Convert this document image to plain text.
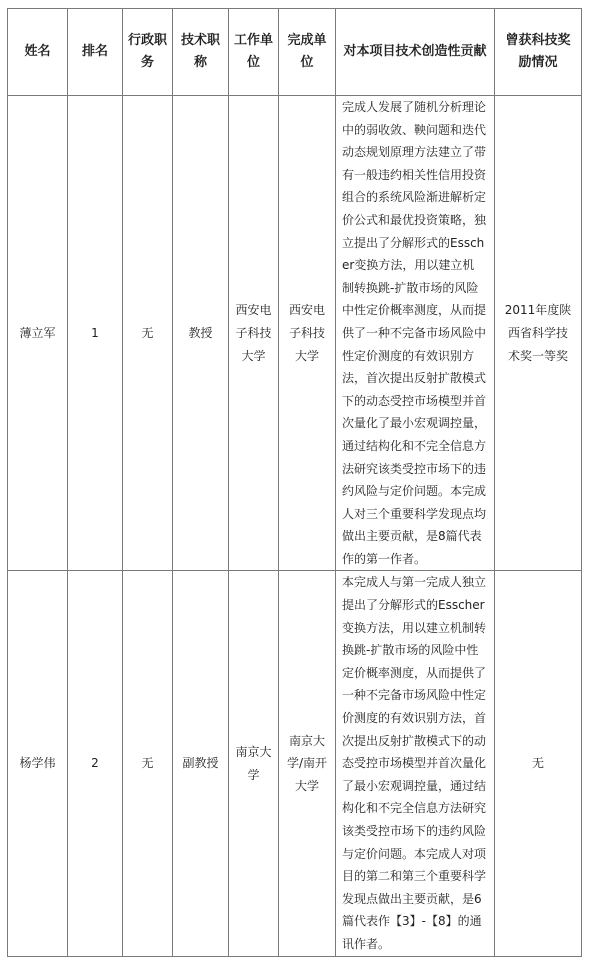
姓名	排名	行政职务	技术职称	工作单位	完成单位	对本项目技术创造性贡献	曾获科技奖励情况

薄立军	1	无	教授	西安电子科技大学	西安电子科技大学	完成人发展了随机分析理论中的弱收敛、鞅问题和迭代动态规划原理方法建立了带有一般违约相关性信用投资组合的系统风险渐进解析定价公式和最优投资策略，独立提出了分解形式的Esscher变换方法，用以建立机制转换跳-扩散市场的风险中性定价概率测度，从而提供了一种不完备市场风险中性定价测度的有效识别方法，首次提出反射扩散模式下的动态受控市场模型并首次量化了最小宏观调控量，通过结构化和不完全信息方法研究该类受控市场下的违约风险与定价问题。本完成人对三个重要科学发现点均做出主要贡献，是8篇代表作的第一作者。	2011年度陕西省科学技术奖一等奖

杨学伟	2	无	副教授	南京大学	南京大学/南开大学	本完成人与第一完成人独立提出了分解形式的Esscher变换方法，用以建立机制转换跳-扩散市场的风险中性定价概率测度，从而提供了一种不完备市场风险中性定价测度的有效识别方法，首次提出反射扩散模式下的动态受控市场模型并首次量化了最小宏观调控量，通过结构化和不完全信息方法研究该类受控市场下的违约风险与定价问题。本完成人对项目的第二和第三个重要科学发现点做出主要贡献，是6篇代表作【3】-【8】的通讯作者。	无
